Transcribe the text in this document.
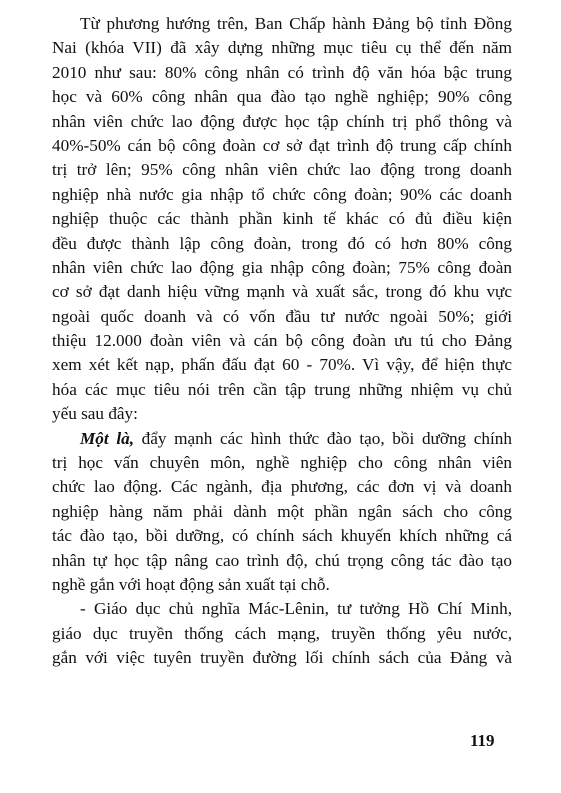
Từ phương hướng trên, Ban Chấp hành Đảng bộ tỉnh Đồng
Nai (khóa VII) đã xây dựng những mục tiêu cụ thể đến năm
2010 như sau: 80% công nhân có trình độ văn hóa bậc trung
học và 60% công nhân qua đào tạo nghề nghiệp; 90% công
nhân viên chức lao động được học tập chính trị phổ thông và
40%-50% cán bộ công đoàn cơ sở đạt trình độ trung cấp chính
trị trở lên; 95% công nhân viên chức lao động trong doanh
nghiệp nhà nước gia nhập tổ chức công đoàn; 90% các doanh
nghiệp thuộc các thành phần kinh tế khác có đủ điều kiện
đều được thành lập công đoàn, trong đó có hơn 80% công
nhân viên chức lao động gia nhập công đoàn; 75% công đoàn
cơ sở đạt danh hiệu vững mạnh và xuất sắc, trong đó khu vực
ngoài quốc doanh và có vốn đầu tư nước ngoài 50%; giới
thiệu 12.000 đoàn viên và cán bộ công đoàn ưu tú cho Đảng
xem xét kết nạp, phấn đấu đạt 60 - 70%. Vì vậy, để hiện thực
hóa các mục tiêu nói trên cần tập trung những nhiệm vụ chủ
yếu sau đây:
Một là, đẩy mạnh các hình thức đào tạo, bồi dưỡng chính
trị học vấn chuyên môn, nghề nghiệp cho công nhân viên
chức lao động. Các ngành, địa phương, các đơn vị và doanh
nghiệp hàng năm phải dành một phần ngân sách cho công
tác đào tạo, bồi dưỡng, có chính sách khuyến khích những cá
nhân tự học tập nâng cao trình độ, chú trọng công tác đào tạo
nghề gắn với hoạt động sản xuất tại chỗ.
- Giáo dục chủ nghĩa Mác-Lênin, tư tưởng Hồ Chí Minh,
giáo dục truyền thống cách mạng, truyền thống yêu nước,
gắn với việc tuyên truyền đường lối chính sách của Đảng và
119
